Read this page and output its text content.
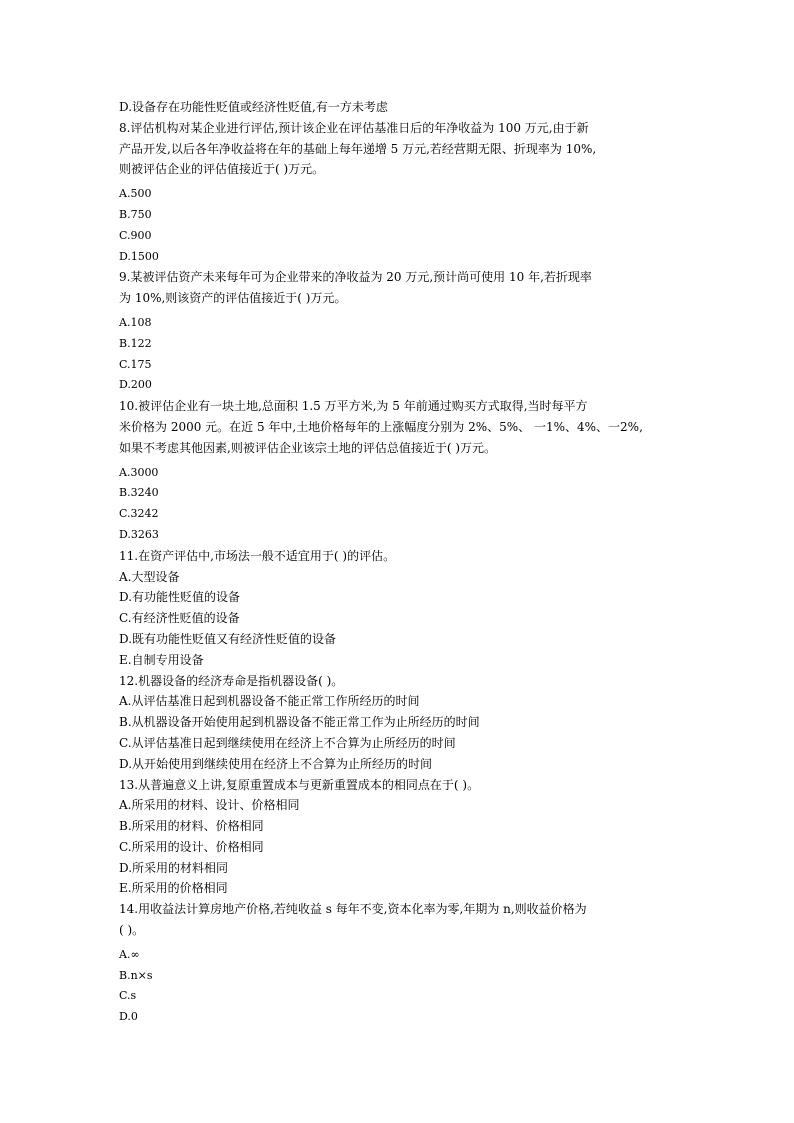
D.设备存在功能性贬值或经济性贬值,有一方未考虑
8.评估机构对某企业进行评估,预计该企业在评估基准日后的年净收益为 100 万元,由于新
产品开发,以后各年净收益将在年的基础上每年递增 5 万元,若经营期无限、折现率为 10%,
则被评估企业的评估值接近于( )万元。
A.500
B.750
C.900
D.1500
9.某被评估资产未来每年可为企业带来的净收益为 20 万元,预计尚可使用 10 年,若折现率
为 10%,则该资产的评估值接近于( )万元。
A.108
B.122
C.175
D.200
10.被评估企业有一块土地,总面积 1.5 万平方米,为 5 年前通过购买方式取得,当时每平方
米价格为 2000 元。在近 5 年中,土地价格每年的上涨幅度分别为 2%、5%、 一1%、4%、一2%,
如果不考虑其他因素,则被评估企业该宗土地的评估总值接近于( )万元。
A.3000
B.3240
C.3242
D.3263
11.在资产评估中,市场法一般不适宜用于( )的评估。
A.大型设备
D.有功能性贬值的设备
C.有经济性贬值的设备
D.既有功能性贬值又有经济性贬值的设备
E.自制专用设备
12.机器设备的经济寿命是指机器设备( )。
A.从评估基准日起到机器设备不能正常工作所经历的时间
B.从机器设备开始使用起到机器设备不能正常工作为止所经历的时间
C.从评估基准日起到继续使用在经济上不合算为止所经历的时间
D.从开始使用到继续使用在经济上不合算为止所经历的时间
13.从普遍意义上讲,复原重置成本与更新重置成本的相同点在于( )。
A.所采用的材料、设计、价格相同
B.所采用的材料、价格相同
C.所采用的设计、价格相同
D.所采用的材料相同
E.所采用的价格相同
14.用收益法计算房地产价格,若纯收益 s 每年不变,资本化率为零,年期为 n,则收益价格为
( )。
A.∞
B.n×s
C.s
D.0
